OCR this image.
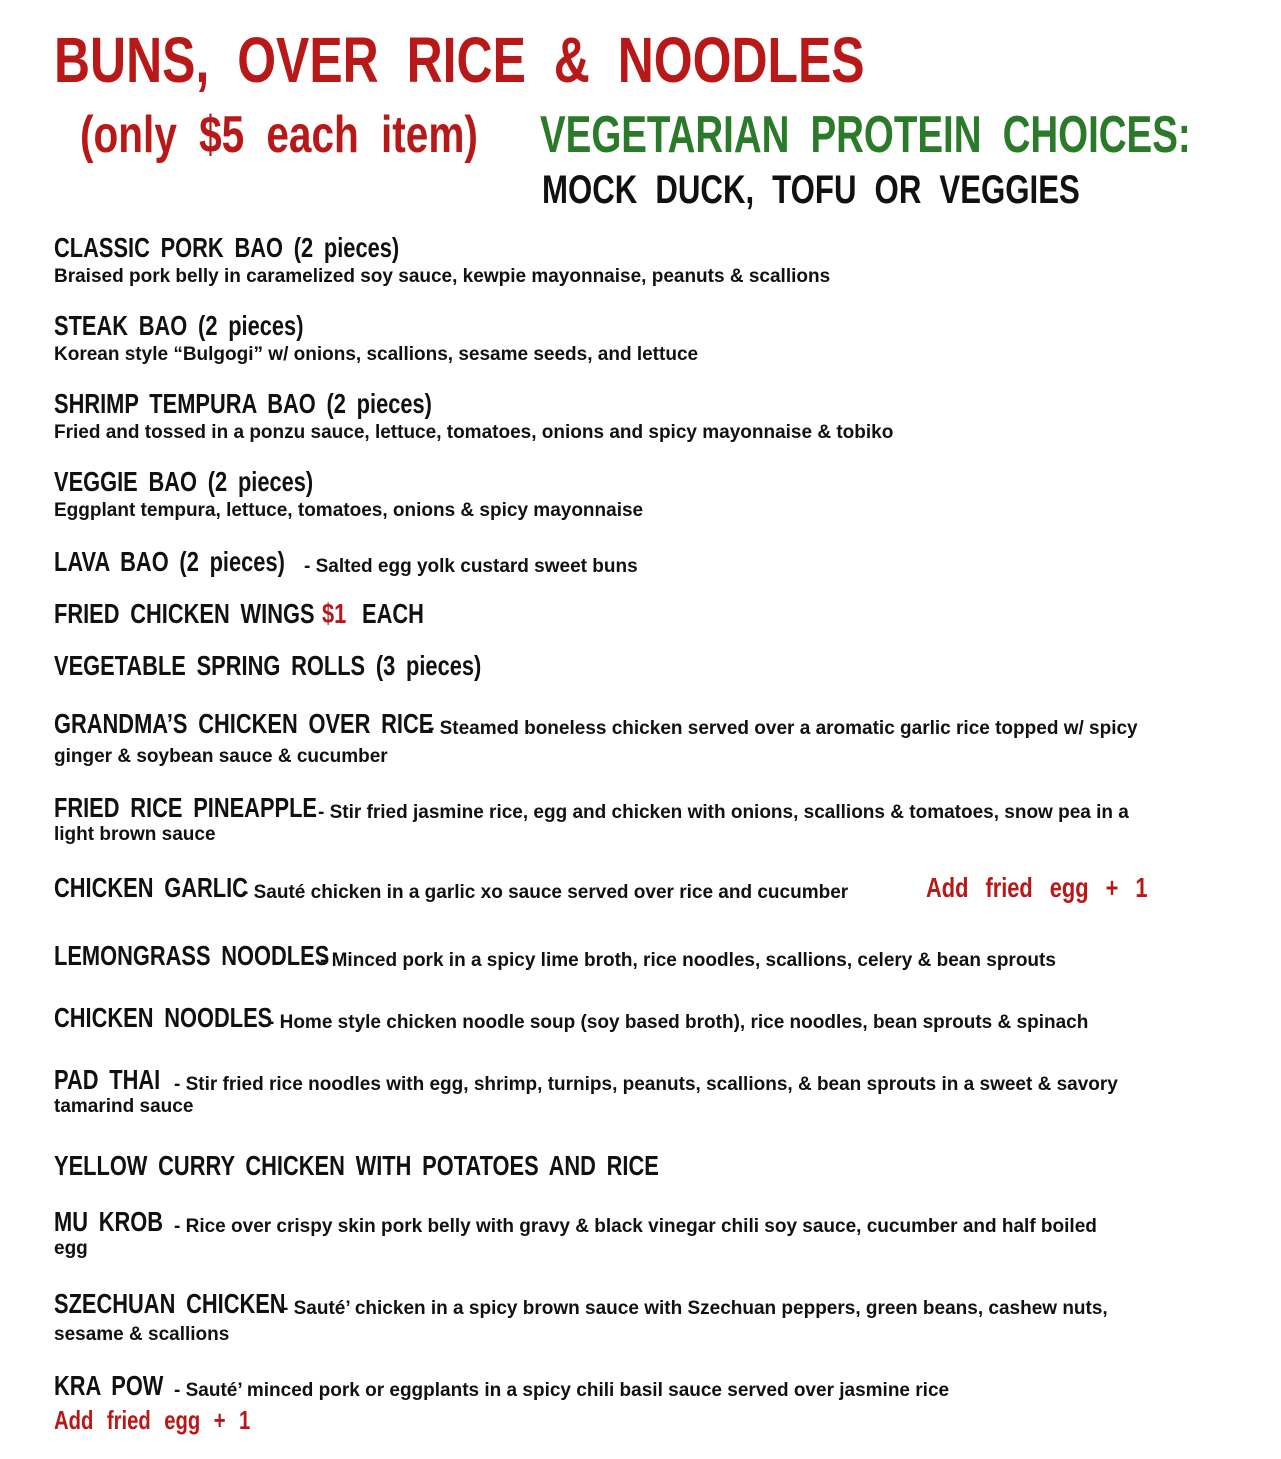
BUNS, OVER RICE & NOODLES
(only $5 each item) VEGETARIAN PROTEIN CHOICES:
MOCK DUCK, TOFU OR VEGGIES
CLASSIC PORK BAO (2 pieces)
Braised pork belly in caramelized soy sauce, kewpie mayonnaise, peanuts & scallions
STEAK BAO (2 pieces)
Korean style “Bulgogi” w/ onions, scallions, sesame seeds, and lettuce
SHRIMP TEMPURA BAO (2 pieces)
Fried and tossed in a ponzu sauce, lettuce, tomatoes, onions and spicy mayonnaise & tobiko
VEGGIE BAO (2 pieces)
Eggplant tempura, lettuce, tomatoes, onions & spicy mayonnaise
LAVA BAO (2 pieces) - Salted egg yolk custard sweet buns
FRIED CHICKEN WINGS $1 EACH
VEGETABLE SPRING ROLLS (3 pieces)
GRANDMA’S CHICKEN OVER RICE
- Steamed boneless chicken served over a aromatic garlic rice topped w/ spicy
ginger & soybean sauce & cucumber
FRIED RICE PINEAPPLE - Stir fried jasmine rice, egg and chicken with onions, scallions & tomatoes, snow pea in a
light brown sauce
CHICKEN GARLIC
- Sauté chicken in a garlic xo sauce served over rice and cucumber	Add fried egg + 1
LEMONGRASS NOODLES
- Minced pork in a spicy lime broth, rice noodles, scallions, celery & bean sprouts
CHICKEN NOODLES
- Home style chicken noodle soup (soy based broth), rice noodles, bean sprouts & spinach
PAD THAI - Stir fried rice noodles with egg, shrimp, turnips, peanuts, scallions, & bean sprouts in a sweet & savory
tamarind sauce
YELLOW CURRY CHICKEN WITH POTATOES AND RICE
MU KROB - Rice over crispy skin pork belly with gravy & black vinegar chili soy sauce, cucumber and half boiled
egg
SZECHUAN CHICKEN
- Sauté’ chicken in a spicy brown sauce with Szechuan peppers, green beans, cashew nuts,
sesame & scallions
KRA POW - Sauté’ minced pork or eggplants in a spicy chili basil sauce served over jasmine rice
Add fried egg + 1
